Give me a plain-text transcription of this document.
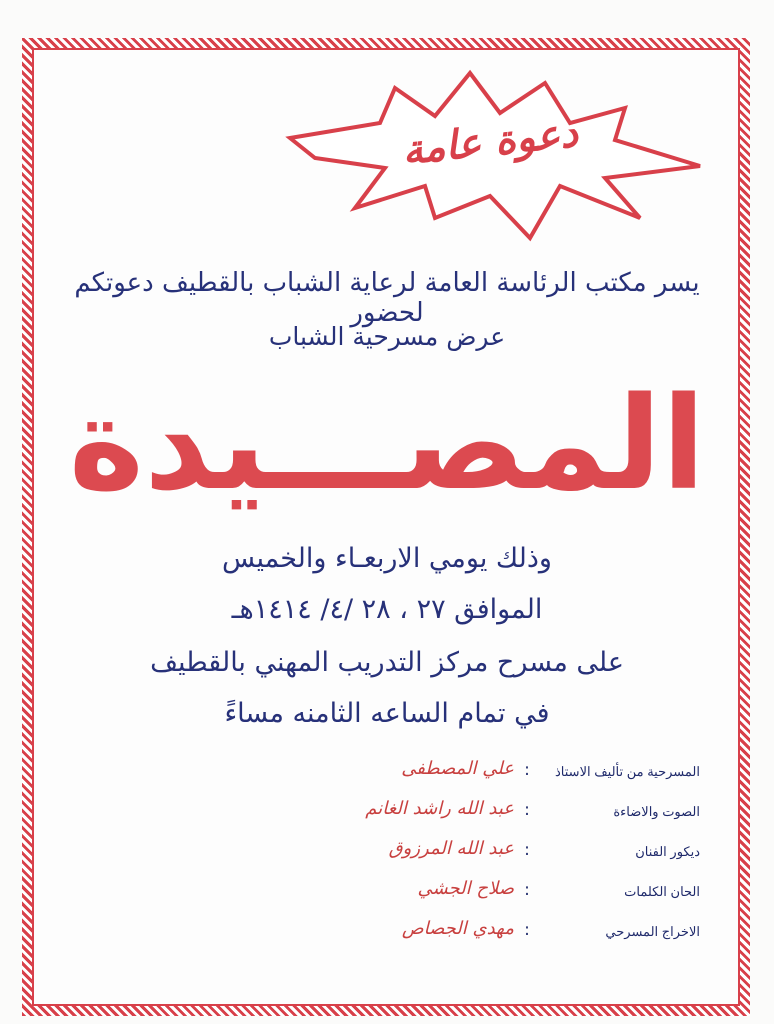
دعوة عامة
يسر مكتب الرئاسة العامة لرعاية الشباب بالقطيف دعوتكم لحضور
عرض مسرحية الشباب
المصـــيدة
وذلك يومي الاربعـاء والخميس
الموافق ٢٧ ، ٢٨ /٤/ ١٤١٤هـ
على مسرح مركز التدريب المهني بالقطيف
في تمام الساعه الثامنه مساءً
المسرحية من تأليف الاستاذ
:
علي المصطفى
الصوت والاضاءة
:
عبد الله راشد الغانم
ديكور الفنان
:
عبد الله المرزوق
الحان الكلمات
:
صلاح الجشي
الاخراج المسرحي
:
مهدي الجصاص
